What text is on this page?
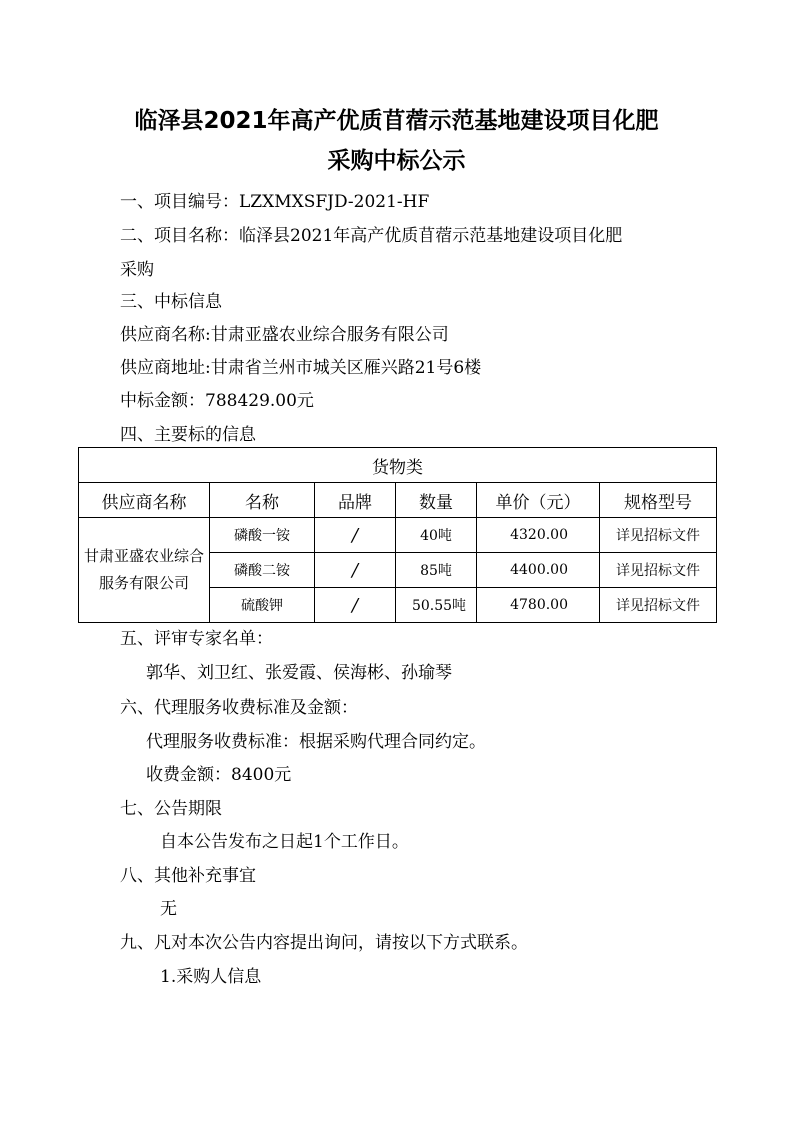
临泽县2021年高产优质苜蓿示范基地建设项目化肥
采购中标公示
一、项目编号：LZXMXSFJD-2021-HF
二、项目名称：临泽县2021年高产优质苜蓿示范基地建设项目化肥
采购
三、中标信息
供应商名称:甘肃亚盛农业综合服务有限公司
供应商地址:甘肃省兰州市城关区雁兴路21号6楼
中标金额：788429.00元
四、主要标的信息
货物类					
供应商名称	名称	品牌	数量	单价（元）	规格型号
甘肃亚盛农业综合服务有限公司	磷酸一铵	/	40吨	4320.00	详见招标文件
	磷酸二铵	/	85吨	4400.00	详见招标文件
	硫酸钾	/	50.55吨	4780.00	详见招标文件
五、评审专家名单：
郭华、刘卫红、张爱霞、侯海彬、孙瑜琴
六、代理服务收费标准及金额：
代理服务收费标准：根据采购代理合同约定。
收费金额：8400元
七、公告期限
自本公告发布之日起1个工作日。
八、其他补充事宜
无
九、凡对本次公告内容提出询问，请按以下方式联系。
1.采购人信息
